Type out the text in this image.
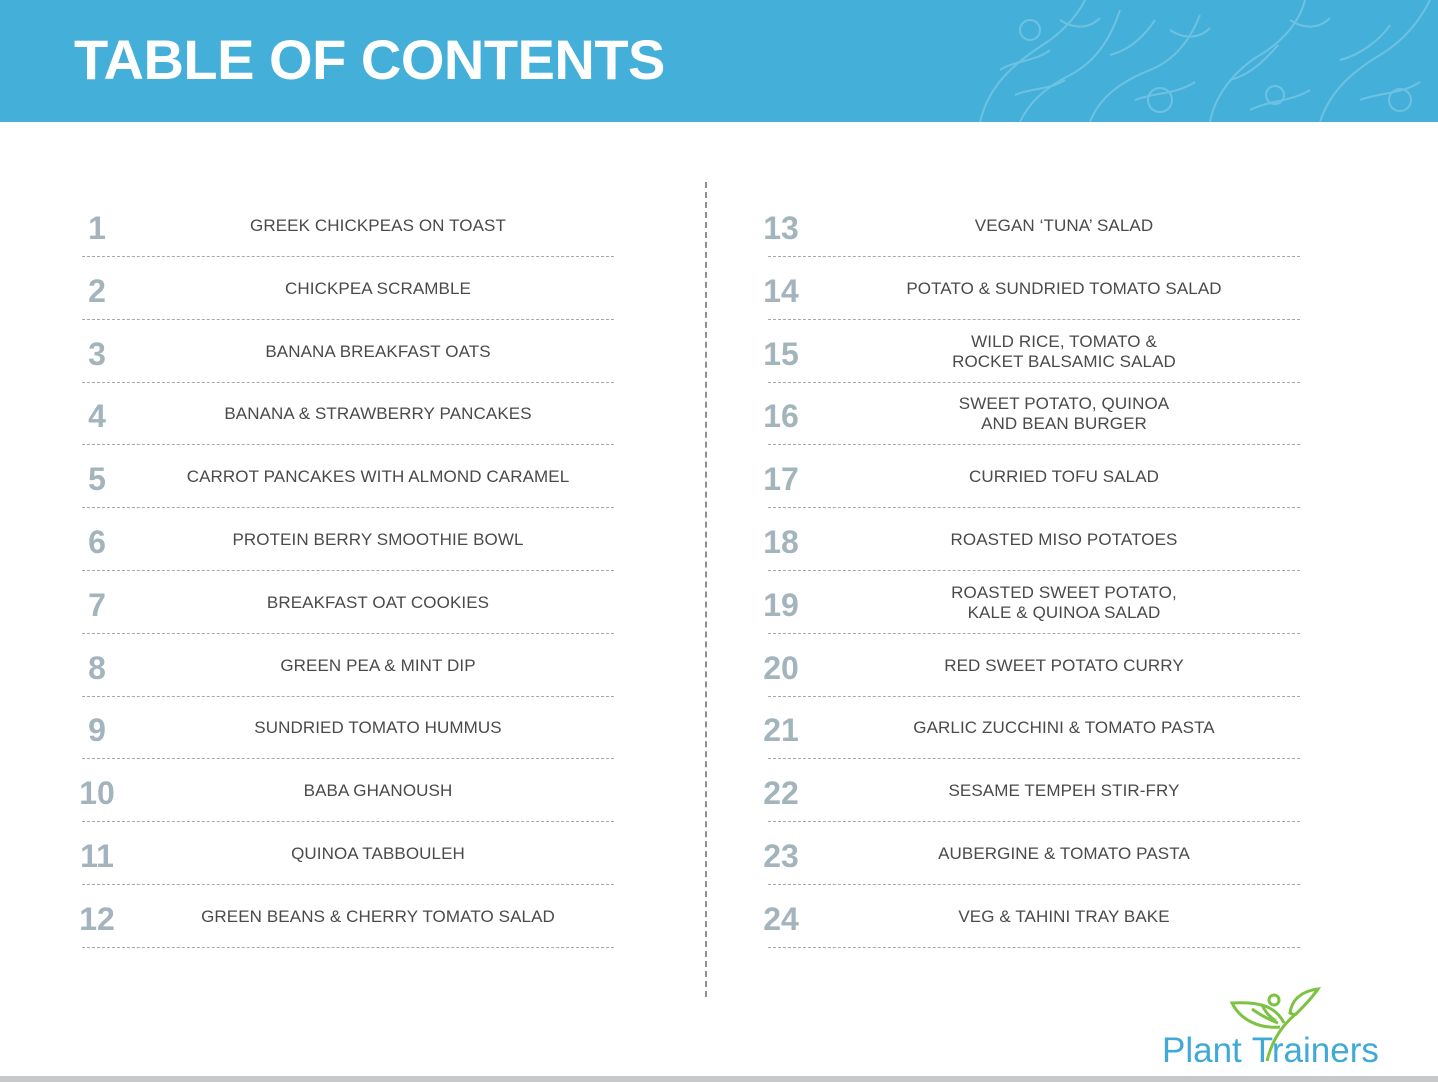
TABLE OF CONTENTS
1	GREEK CHICKPEAS ON TOAST
2	CHICKPEA SCRAMBLE
3	BANANA BREAKFAST OATS
4	BANANA & STRAWBERRY PANCAKES
5	CARROT PANCAKES WITH ALMOND CARAMEL
6	PROTEIN BERRY SMOOTHIE BOWL
7	BREAKFAST OAT COOKIES
8	GREEN PEA & MINT DIP
9	SUNDRIED TOMATO HUMMUS
10	BABA GHANOUSH
11	QUINOA TABBOULEH
12	GREEN BEANS & CHERRY TOMATO SALAD
13	VEGAN ‘TUNA’ SALAD
14	POTATO & SUNDRIED TOMATO SALAD
15	WILD RICE, TOMATO &
ROCKET BALSAMIC SALAD
16	SWEET POTATO, QUINOA
AND BEAN BURGER
17	CURRIED TOFU SALAD
18	ROASTED MISO POTATOES
19	ROASTED SWEET POTATO,
KALE & QUINOA SALAD
20	RED SWEET POTATO CURRY
21	GARLIC ZUCCHINI & TOMATO PASTA
22	SESAME TEMPEH STIR-FRY
23	AUBERGINE & TOMATO PASTA
24	VEG & TAHINI TRAY BAKE
Plant Trainers
